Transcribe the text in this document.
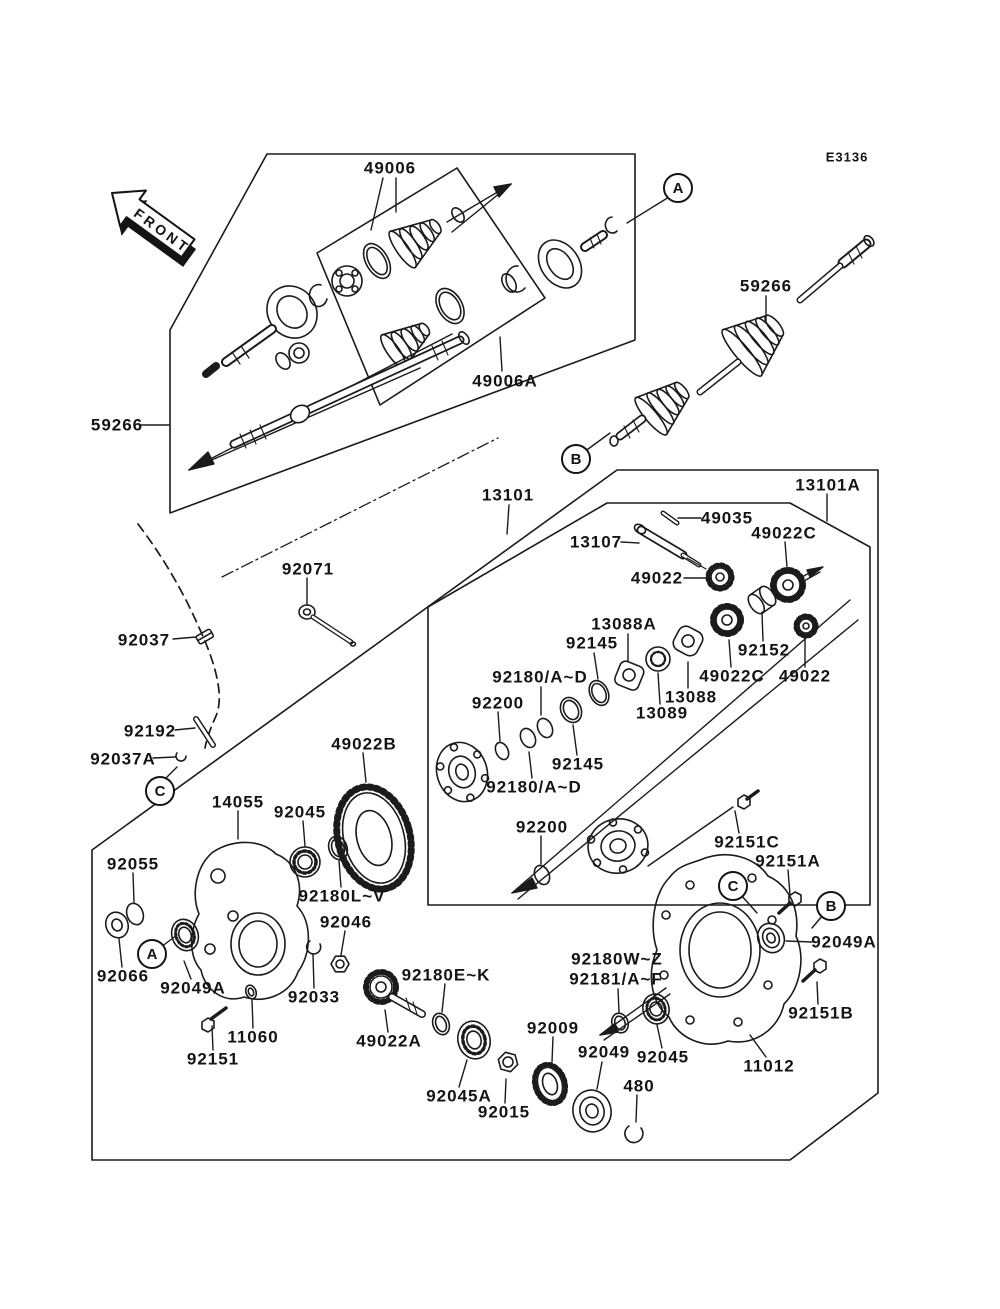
FRONT
E3136
49006
59266
49006A
59266
13101
13101A
49035
13107	49022C
92071	49022
13088A
92145
92037
92152
49022C 49022
92180/A~D
13088
92200
13089
92192
49022B
92037A	92145
92180/A~D
14055
92045
92200
92151C
92151A
92055
92180L~V
92046
92049A
92066
92049A	92033
92180E~K
92180W~Z
92181/A~F
92151B
11060	49022A
92151
92009
92049 92045
480
11012
92045A
92015
A
B
C
C
B
A
